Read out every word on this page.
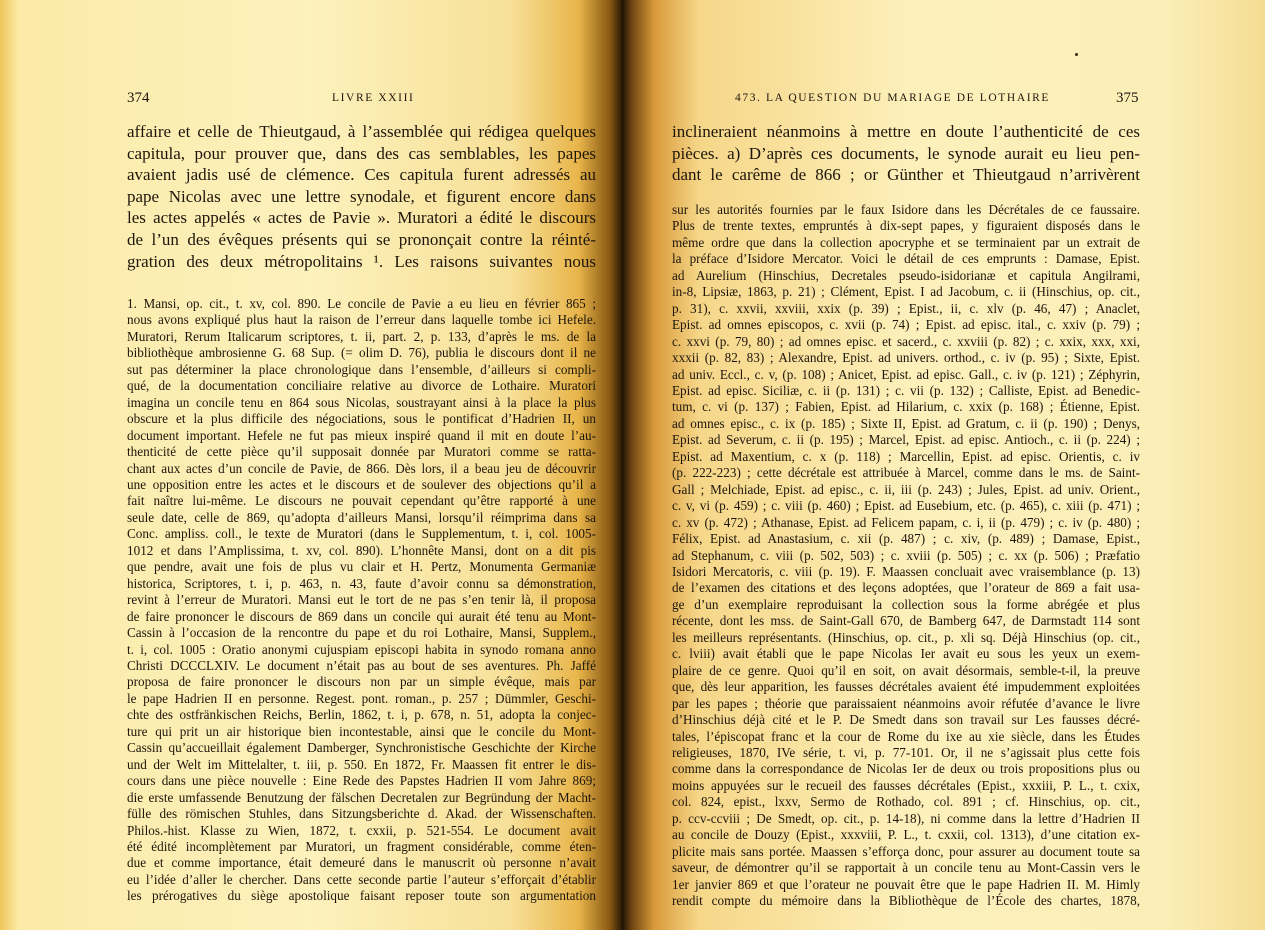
374	LIVRE XXIII
affaire et celle de Thieutgaud, à l’assemblée qui rédigea quelques
capitula, pour prouver que, dans des cas semblables, les papes
avaient jadis usé de clémence. Ces capitula furent adressés au
pape Nicolas avec une lettre synodale, et figurent encore dans
les actes appelés « actes de Pavie ». Muratori a édité le discours
de l’un des évêques présents qui se prononçait contre la réinté-
gration des deux métropolitains ¹. Les raisons suivantes nous
1. Mansi, op. cit., t. xv, col. 890. Le concile de Pavie a eu lieu en février 865 ;
nous avons expliqué plus haut la raison de l’erreur dans laquelle tombe ici Hefele.
Muratori, Rerum Italicarum scriptores, t. ii, part. 2, p. 133, d’après le ms. de la
bibliothèque ambrosienne G. 68 Sup. (= olim D. 76), publia le discours dont il ne
sut pas déterminer la place chronologique dans l’ensemble, d’ailleurs si compli-
qué, de la documentation conciliaire relative au divorce de Lothaire. Muratori
imagina un concile tenu en 864 sous Nicolas, soustrayant ainsi à la place la plus
obscure et la plus difficile des négociations, sous le pontificat d’Hadrien II, un
document important. Hefele ne fut pas mieux inspiré quand il mit en doute l’au-
thenticité de cette pièce qu’il supposait donnée par Muratori comme se ratta-
chant aux actes d’un concile de Pavie, de 866. Dès lors, il a beau jeu de découvrir
une opposition entre les actes et le discours et de soulever des objections qu’il a
fait naître lui-même. Le discours ne pouvait cependant qu’être rapporté à une
seule date, celle de 869, qu’adopta d’ailleurs Mansi, lorsqu’il réimprima dans sa
Conc. ampliss. coll., le texte de Muratori (dans le Supplementum, t. i, col. 1005-
1012 et dans l’Amplissima, t. xv, col. 890). L’honnête Mansi, dont on a dit pis
que pendre, avait une fois de plus vu clair et H. Pertz, Monumenta Germaniæ
historica, Scriptores, t. i, p. 463, n. 43, faute d’avoir connu sa démonstration,
revint à l’erreur de Muratori. Mansi eut le tort de ne pas s’en tenir là, il proposa
de faire prononcer le discours de 869 dans un concile qui aurait été tenu au Mont-
Cassin à l’occasion de la rencontre du pape et du roi Lothaire, Mansi, Supplem.,
t. i, col. 1005 : Oratio anonymi cujuspiam episcopi habita in synodo romana anno
Christi DCCCLXIV. Le document n’était pas au bout de ses aventures. Ph. Jaffé
proposa de faire prononcer le discours non par un simple évêque, mais par
le pape Hadrien II en personne. Regest. pont. roman., p. 257 ; Dümmler, Geschi-
chte des ostfränkischen Reichs, Berlin, 1862, t. i, p. 678, n. 51, adopta la conjec-
ture qui prit un air historique bien incontestable, ainsi que le concile du Mont-
Cassin qu’accueillait également Damberger, Synchronistische Geschichte der Kirche
und der Welt im Mittelalter, t. iii, p. 550. En 1872, Fr. Maassen fit entrer le dis-
cours dans une pièce nouvelle : Eine Rede des Papstes Hadrien II vom Jahre 869;
die erste umfassende Benutzung der fälschen Decretalen zur Begründung der Macht-
fülle des römischen Stuhles, dans Sitzungsberichte d. Akad. der Wissenschaften.
Philos.-hist. Klasse zu Wien, 1872, t. cxxii, p. 521-554. Le document avait
été édité incomplètement par Muratori, un fragment considérable, comme éten-
due et comme importance, était demeuré dans le manuscrit où personne n’avait
eu l’idée d’aller le chercher. Dans cette seconde partie l’auteur s’efforçait d’établir
les prérogatives du siège apostolique faisant reposer toute son argumentation
473. LA QUESTION DU MARIAGE DE LOTHAIRE	375
inclineraient néanmoins à mettre en doute l’authenticité de ces
pièces. a) D’après ces documents, le synode aurait eu lieu pen-
dant le carême de 866 ; or Günther et Thieutgaud n’arrivèrent
sur les autorités fournies par le faux Isidore dans les Décrétales de ce faussaire.
Plus de trente textes, empruntés à dix-sept papes, y figuraient disposés dans le
même ordre que dans la collection apocryphe et se terminaient par un extrait de
la préface d’Isidore Mercator. Voici le détail de ces emprunts : Damase, Epist.
ad Aurelium (Hinschius, Decretales pseudo-isidorianæ et capitula Angilrami,
in-8, Lipsiæ, 1863, p. 21) ; Clément, Epist. I ad Jacobum, c. ii (Hinschius, op. cit.,
p. 31), c. xxvii, xxviii, xxix (p. 39) ; Epist., ii, c. xlv (p. 46, 47) ; Anaclet,
Epist. ad omnes episcopos, c. xvii (p. 74) ; Epist. ad episc. ital., c. xxiv (p. 79) ;
c. xxvi (p. 79, 80) ; ad omnes episc. et sacerd., c. xxviii (p. 82) ; c. xxix, xxx, xxi,
xxxii (p. 82, 83) ; Alexandre, Epist. ad univers. orthod., c. iv (p. 95) ; Sixte, Epist.
ad univ. Eccl., c. v, (p. 108) ; Anicet, Epist. ad episc. Gall., c. iv (p. 121) ; Zéphyrin,
Epist. ad episc. Siciliæ, c. ii (p. 131) ; c. vii (p. 132) ; Calliste, Epist. ad Benedic-
tum, c. vi (p. 137) ; Fabien, Epist. ad Hilarium, c. xxix (p. 168) ; Étienne, Epist.
ad omnes episc., c. ix (p. 185) ; Sixte II, Epist. ad Gratum, c. ii (p. 190) ; Denys,
Epist. ad Severum, c. ii (p. 195) ; Marcel, Epist. ad episc. Antioch., c. ii (p. 224) ;
Epist. ad Maxentium, c. x (p. 118) ; Marcellin, Epist. ad episc. Orientis, c. iv
(p. 222-223) ; cette décrétale est attribuée à Marcel, comme dans le ms. de Saint-
Gall ; Melchiade, Epist. ad episc., c. ii, iii (p. 243) ; Jules, Epist. ad univ. Orient.,
c. v, vi (p. 459) ; c. viii (p. 460) ; Epist. ad Eusebium, etc. (p. 465), c. xiii (p. 471) ;
c. xv (p. 472) ; Athanase, Epist. ad Felicem papam, c. i, ii (p. 479) ; c. iv (p. 480) ;
Félix, Epist. ad Anastasium, c. xii (p. 487) ; c. xiv, (p. 489) ; Damase, Epist.,
ad Stephanum, c. viii (p. 502, 503) ; c. xviii (p. 505) ; c. xx (p. 506) ; Præfatio
Isidori Mercatoris, c. viii (p. 19). F. Maassen concluait avec vraisemblance (p. 13)
de l’examen des citations et des leçons adoptées, que l’orateur de 869 a fait usa-
ge d’un exemplaire reproduisant la collection sous la forme abrégée et plus
récente, dont les mss. de Saint-Gall 670, de Bamberg 647, de Darmstadt 114 sont
les meilleurs représentants. (Hinschius, op. cit., p. xli sq. Déjà Hinschius (op. cit.,
c. lviii) avait établi que le pape Nicolas Ier avait eu sous les yeux un exem-
plaire de ce genre. Quoi qu’il en soit, on avait désormais, semble-t-il, la preuve
que, dès leur apparition, les fausses décrétales avaient été impudemment exploitées
par les papes ; théorie que paraissaient néanmoins avoir réfutée d’avance le livre
d’Hinschius déjà cité et le P. De Smedt dans son travail sur Les fausses décré-
tales, l’épiscopat franc et la cour de Rome du ixe au xie siècle, dans les Études
religieuses, 1870, IVe série, t. vi, p. 77-101. Or, il ne s’agissait plus cette fois
comme dans la correspondance de Nicolas Ier de deux ou trois propositions plus ou
moins appuyées sur le recueil des fausses décrétales (Epist., xxxiii, P. L., t. cxix,
col. 824, epist., lxxv, Sermo de Rothado, col. 891 ; cf. Hinschius, op. cit.,
p. ccv-ccviii ; De Smedt, op. cit., p. 14-18), ni comme dans la lettre d’Hadrien II
au concile de Douzy (Epist., xxxviii, P. L., t. cxxii, col. 1313), d’une citation ex-
plicite mais sans portée. Maassen s’efforça donc, pour assurer au document toute sa
saveur, de démontrer qu’il se rapportait à un concile tenu au Mont-Cassin vers le
1er janvier 869 et que l’orateur ne pouvait être que le pape Hadrien II. M. Himly
rendit compte du mémoire dans la Bibliothèque de l’École des chartes, 1878,
